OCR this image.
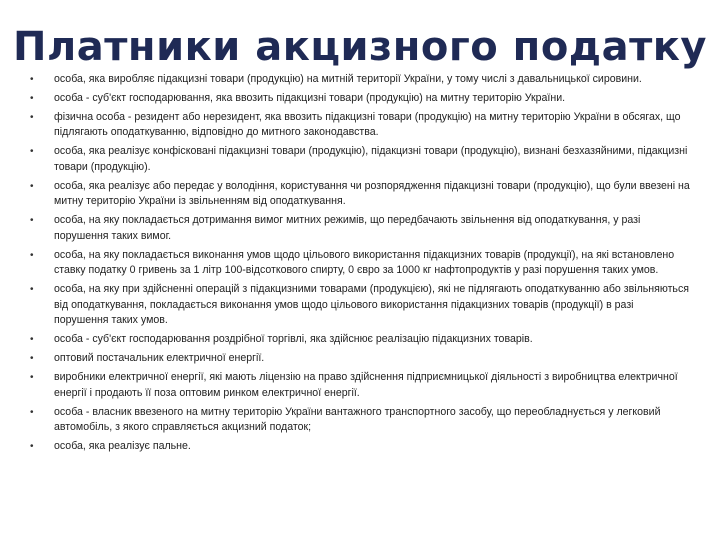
Платники акцизного податку
• особа, яка виробляє підакцизні товари (продукцію) на митній території України, у тому числі з давальницької сировини.
• особа - суб'єкт господарювання, яка ввозить підакцизні товари (продукцію) на митну територію України.
• фізична особа - резидент або нерезидент, яка ввозить підакцизні товари (продукцію) на митну територію України в обсягах, що підлягають оподаткуванню, відповідно до митного законодавства.
• особа, яка реалізує конфісковані підакцизні товари (продукцію), підакцизні товари (продукцію), визнані безхазяйними, підакцизні товари (продукцію).
• особа, яка реалізує або передає у володіння, користування чи розпорядження підакцизні товари (продукцію), що були ввезені на митну територію України із звільненням від оподаткування.
• особа, на яку покладається дотримання вимог митних режимів, що передбачають звільнення від оподаткування, у разі порушення таких вимог.
• особа, на яку покладається виконання умов щодо цільового використання підакцизних товарів (продукції), на які встановлено ставку податку 0 гривень за 1 літр 100-відсоткового спирту, 0 євро за 1000 кг нафтопродуктів у разі порушення таких умов.
• особа, на яку при здійсненні операцій з підакцизними товарами (продукцією), які не підлягають оподаткуванню або звільняються від оподаткування, покладається виконання умов щодо цільового використання підакцизних товарів (продукції) в разі порушення таких умов.
• особа - суб'єкт господарювання роздрібної торгівлі, яка здійснює реалізацію підакцизних товарів.
• оптовий постачальник електричної енергії.
• виробники електричної енергії, які мають ліцензію на право здійснення підприємницької діяльності з виробництва електричної енергії і продають її поза оптовим ринком електричної енергії.
• особа - власник ввезеного на митну територію України вантажного транспортного засобу, що переобладнується у легковий автомобіль, з якого справляється акцизний податок;
• особа, яка реалізує пальне.
